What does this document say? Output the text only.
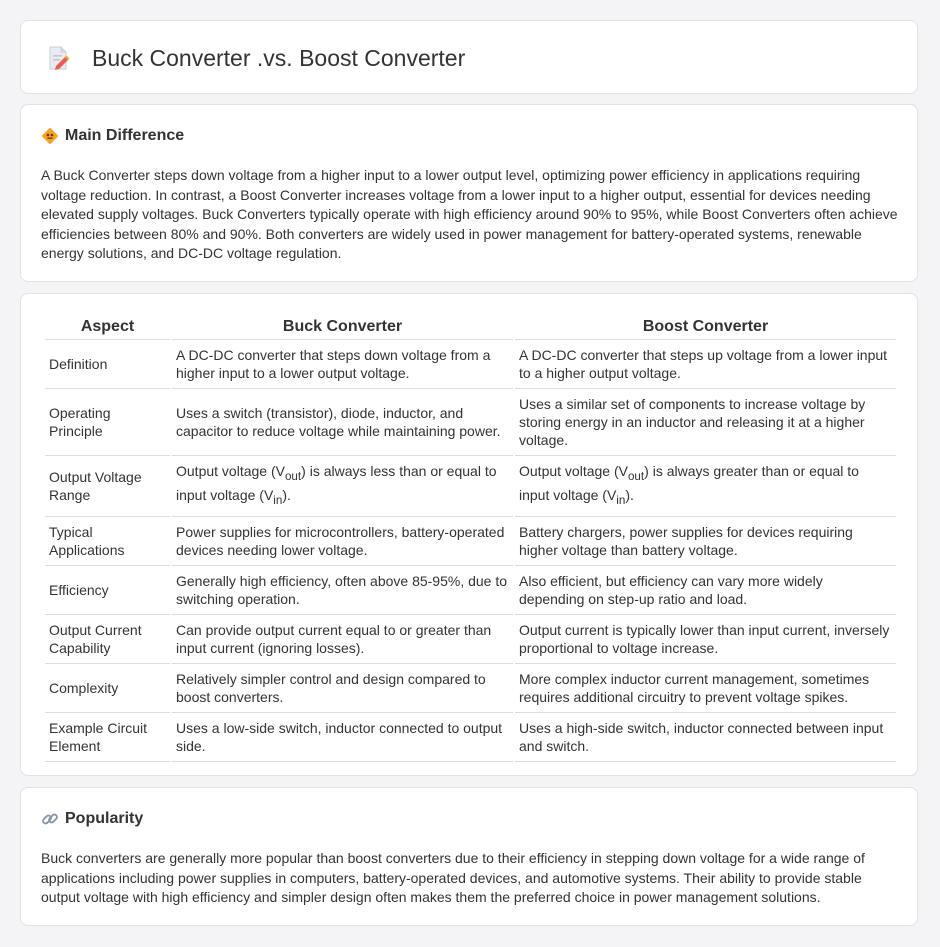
Buck Converter .vs. Boost Converter
Main Difference

A Buck Converter steps down voltage from a higher input to a lower output level, optimizing power efficiency in applications requiring voltage reduction. In contrast, a Boost Converter increases voltage from a lower input to a higher output, essential for devices needing elevated supply voltages. Buck Converters typically operate with high efficiency around 90% to 95%, while Boost Converters often achieve efficiencies between 80% and 90%. Both converters are widely used in power management for battery-operated systems, renewable energy solutions, and DC-DC voltage regulation.

Aspect	Buck Converter	Boost Converter
Definition	A DC-DC converter that steps down voltage from a higher input to a lower output voltage.	A DC-DC converter that steps up voltage from a lower input to a higher output voltage.
Operating Principle	Uses a switch (transistor), diode, inductor, and capacitor to reduce voltage while maintaining power.	Uses a similar set of components to increase voltage by storing energy in an inductor and releasing it at a higher voltage.
Output Voltage Range	Output voltage $(V_{out})$ is always less than or equal to input voltage $(V_{in})$.	Output voltage $(V_{out})$ is always greater than or equal to input voltage $(V_{in})$.
Typical Applications	Power supplies for microcontrollers, battery-operated devices needing lower voltage.	Battery chargers, power supplies for devices requiring higher voltage than battery voltage.
Efficiency	Generally high efficiency, often above 85-95%, due to switching operation.	Also efficient, but efficiency can vary more widely depending on step-up ratio and load.
Output Current Capability	Can provide output current equal to or greater than input current (ignoring losses).	Output current is typically lower than input current, inversely proportional to voltage increase.
Complexity	Relatively simpler control and design compared to boost converters.	More complex inductor current management, sometimes requires additional circuitry to prevent voltage spikes.
Example Circuit Element	Uses a low-side switch, inductor connected to output side.	Uses a high-side switch, inductor connected between input and switch.
Popularity

Buck converters are generally more popular than boost converters due to their efficiency in stepping down voltage for a wide range of applications including power supplies in computers, battery-operated devices, and automotive systems. Their ability to provide stable output voltage with high efficiency and simpler design often makes them the preferred choice in power management solutions.
